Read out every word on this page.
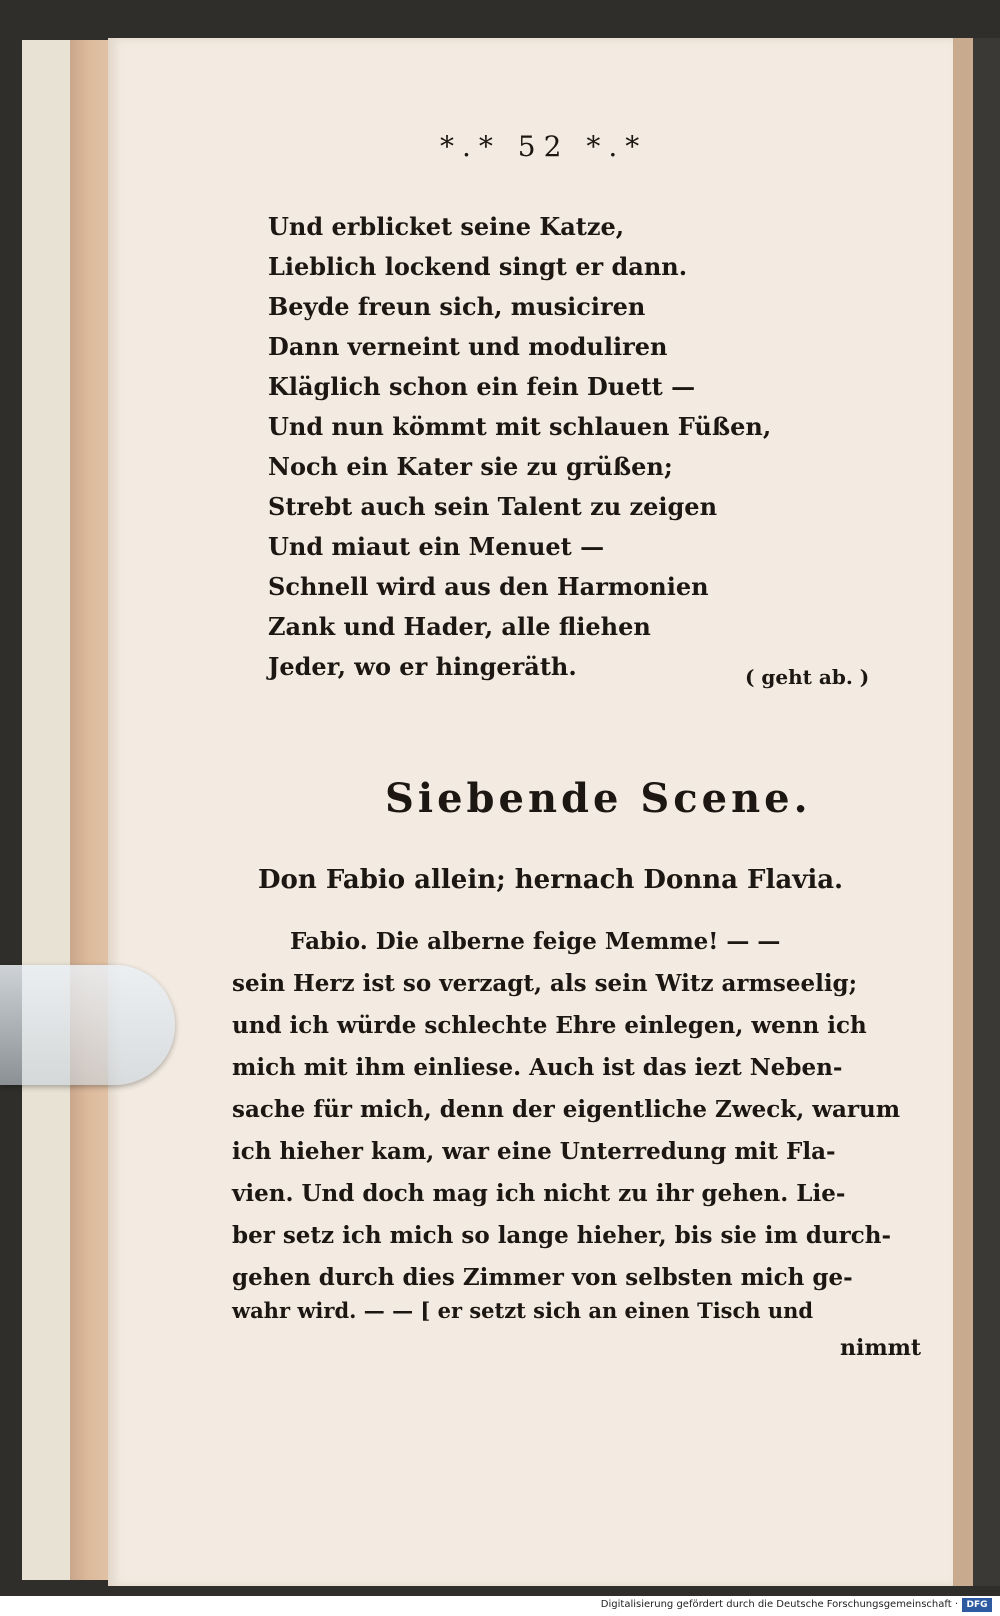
*.* 52 *.*
Und erblicket seine Katze,
Lieblich lockend singt er dann.
Beyde freun sich, musiciren
Dann verneint und moduliren
Kläglich schon ein fein Duett —
Und nun kömmt mit schlauen Füßen,
Noch ein Kater sie zu grüßen;
Strebt auch sein Talent zu zeigen
Und miaut ein Menuet —
Schnell wird aus den Harmonien
Zank und Hader, alle fliehen
Jeder, wo er hingeräth.	( geht ab. )
Siebende Scene.
Don Fabio allein; hernach Donna Flavia.
Fabio. Die alberne feige Memme! — —
sein Herz ist so verzagt, als sein Witz armseelig;
und ich würde schlechte Ehre einlegen, wenn ich
mich mit ihm einliese. Auch ist das iezt Neben-
sache für mich, denn der eigentliche Zweck, warum
ich hieher kam, war eine Unterredung mit Fla-
vien. Und doch mag ich nicht zu ihr gehen. Lie-
ber setz ich mich so lange hieher, bis sie im durch-
gehen durch dies Zimmer von selbsten mich ge-
wahr wird. — — [ er setzt sich an einen Tisch und
nimmt
Digitalisierung gefördert durch die Deutsche Forschungsgemeinschaft · DFG
